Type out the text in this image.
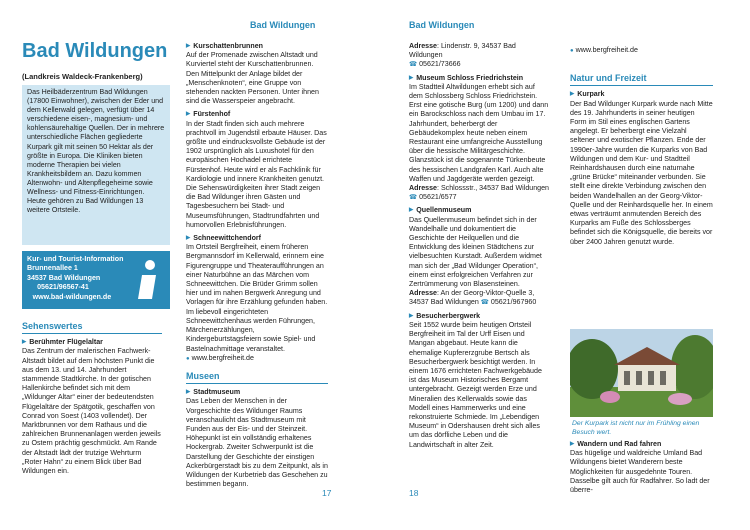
Bad Wildungen
Bad Wildungen
(Landkreis Waldeck-Frankenberg)
Das Heilbäderzentrum Bad Wildungen (17800 Einwohner), zwischen der Eder und dem Kellerwald gelegen, verfügt über 14 verschiedene eisen-, magnesium- und kohlensäurehaltige Quellen. Der in mehrere unterschiedliche Flächen gegliederte Kurpark gilt mit seinen 50 Hektar als der größte in Europa. Die Kliniken bieten moderne Therapien bei vielen Krankheitsbildern an. Dazu kommen Altenwohn- und Altenpflegeheime sowie Wellness- und Fitness-Einrichtungen. Heute gehören zu Bad Wildungen 13 weitere Ortsteile.
Kur- und Tourist-Information
Brunnenallee 1
34537 Bad Wildungen
☎ 05621/96567-41
● www.bad-wildungen.de
Sehenswertes
▶ Berühmter Flügelaltar

Das Zentrum der malerischen Fachwerk-Altstadt bildet auf dem höchsten Punkt die aus dem 13. und 14. Jahrhundert stammende Stadtkirche. In der gotischen Hallenkirche befindet sich mit dem „Wildunger Altar“ einer der bedeutendsten Flügelaltäre der Spätgotik, geschaffen von Conrad von Soest (1403 vollendet). Der Marktbrunnen vor dem Rathaus und die zahlreichen Brunnenanlagen werden jeweils zu Ostern prächtig geschmückt. Am Rande der Altstadt lädt der trutzige Wehrturm „Roter Hahn“ zu einem Blick über Bad Wildungen ein.

▶ Kurschattenbrunnen

Auf der Promenade zwischen Altstadt und Kurviertel steht der Kurschattenbrunnen. Den Mittelpunkt der Anlage bildet der „Menschenknoten“, eine Gruppe von stehenden nackten Personen. Unter ihnen sind die Wasserspeier angebracht.

▶ Fürstenhof

In der Stadt finden sich auch mehrere prachtvoll im Jugendstil erbaute Häuser. Das größte und eindrucksvollste Gebäude ist der 1902 ursprünglich als Luxushotel für den europäischen Hochadel errichtete Fürstenhof. Heute wird er als Fachklinik für Kardiologie und innere Krankheiten genutzt. Die Sehenswürdigkeiten ihrer Stadt zeigen die Bad Wildunger ihren Gästen und Tagesbesuchern bei Stadt- und Museumsführungen, Stadtrundfahrten und humorvollen Erlebnisführungen.

▶ Schneewittchendorf

Im Ortsteil Bergfreiheit, einem früheren Bergmannsdorf im Kellerwald, erinnern eine Figurengruppe und Theateraufführungen an einer Naturbühne an das Märchen vom Schneewittchen. Die Brüder Grimm sollen hier und im nahen Bergwerk Anregung und Vorlagen für ihre Erzählung gefunden haben. Im liebevoll eingerichteten Schneewittchenhaus werden Führungen, Märchenerzählungen, Kindergeburtstagsfeiern sowie Spiel- und Bastelnachmittage veranstaltet.

● www.bergfreiheit.de

Museen
▶ Stadtmuseum

Das Leben der Menschen in der Vorgeschichte des Wildunger Raums veranschaulicht das Stadtmuseum mit Funden aus der Eis- und der Steinzeit. Höhepunkt ist ein vollständig erhaltenes Hockergrab. Zweiter Schwerpunkt ist die Darstellung der Geschichte der einstigen Ackerbürgerstadt bis zu dem Zeitpunkt, als in Wildungen der Kurbetrieb das Geschehen zu bestimmen begann.

17
Bad Wildungen

Adresse: Lindenstr. 9, 34537 Bad Wildungen

☎ 05621/73666

▶ Museum Schloss Friedrichstein

Im Stadtteil Altwildungen erhebt sich auf dem Schlossberg Schloss Friedrichstein. Erst eine gotische Burg (um 1200) und dann ein Barockschloss nach dem Umbau im 17. Jahrhundert, beherbergt der Gebäudekomplex heute neben einem Restaurant eine umfangreiche Ausstellung über die hessische Militärgeschichte. Glanzstück ist die sogenannte Türkenbeute des hessischen Landgrafen Karl. Auch alte Waffen und Jagdgeräte werden gezeigt.

Adresse: Schlossstr., 34537 Bad Wildungen

☎ 05621/6577

▶ Quellenmuseum

Das Quellenmuseum befindet sich in der Wandelhalle und dokumentiert die Geschichte der Heilquellen und die Entwicklung des kleinen Städtchens zur vielbesuchten Kurstadt. Außerdem widmet man sich der „Bad Wildunger Operation“, einem einst erfolgreichen Verfahren zur Zertrümmerung von Blasensteinen.

Adresse: An der Georg-Viktor-Quelle 3, 34537 Bad Wildungen ☎ 05621/967960

▶ Besucherbergwerk

Seit 1552 wurde beim heutigen Ortsteil Bergfreiheit im Tal der Urff Eisen und Mangan abgebaut. Heute kann die ehemalige Kupfererzgrube Bertsch als Besucherbergwerk besichtigt werden. In einem 1676 errichteten Fachwerkgebäude ist das Museum Historisches Bergamt untergebracht. Gezeigt werden Erze und Mineralien des Kellerwalds sowie das Modell eines Hammerwerks und eine rekonstruierte Schmiede. Im „Lebendigen Museum“ in Odershausen dreht sich alles um das dörfliche Leben und die Landwirtschaft in alter Zeit.

● www.bergfreiheit.de

Natur und Freizeit
▶ Kurpark

Der Bad Wildunger Kurpark wurde nach Mitte des 19. Jahrhunderts in seiner heutigen Form im Stil eines englischen Gartens angelegt. Er beherbergt eine Vielzahl seltener und exotischer Pflanzen. Ende der 1990er-Jahre wurden die Kurparks von Bad Wildungen und dem Kur- und Stadtteil Reinhardshausen durch eine naturnahe „grüne Brücke“ miteinander verbunden. Sie stellt eine direkte Verbindung zwischen den beiden Wandelhallen an der Georg-Viktor-Quelle und der Reinhardsquelle her. In einem etwas verträumt anmutenden Bereich des Kurparks am Fuße des Schlossberges befindet sich die Königsquelle, die bereits vor über 2400 Jahren genutzt wurde.

Der Kurpark ist nicht nur im Frühling einen Besuch wert.
▶ Wandern und Rad fahren

Das hügelige und waldreiche Umland Bad Wildungens bietet Wanderern beste Möglichkeiten für ausgedehnte Touren. Dasselbe gilt auch für Radfahrer. So ladt der überre-

18
